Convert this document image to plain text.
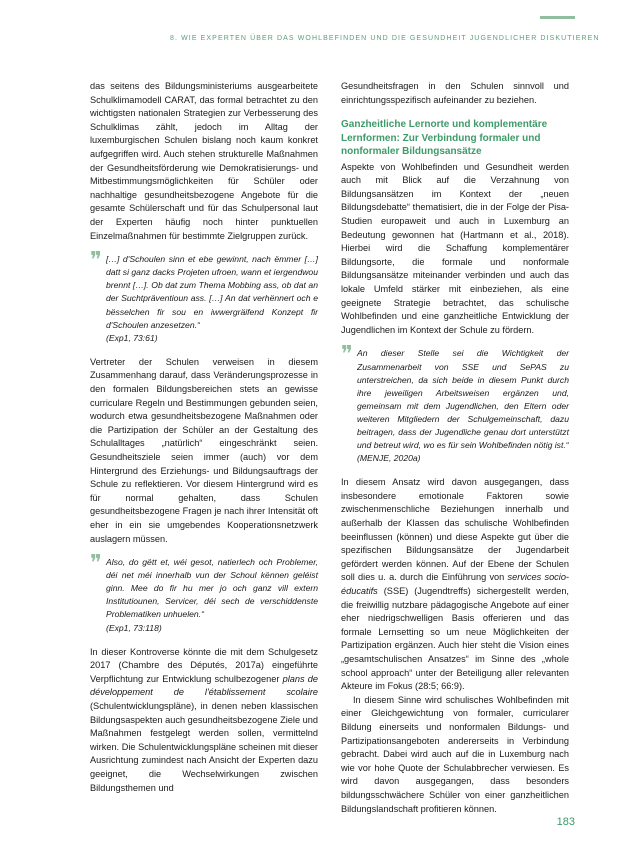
8. WIE EXPERTEN ÜBER DAS WOHLBEFINDEN UND DIE GESUNDHEIT JUGENDLICHER DISKUTIEREN

das seitens des Bildungsministeriums ausgearbeitete Schulklimamodell CARAT, das formal betrachtet zu den wichtigsten nationalen Strategien zur Verbesserung des Schulklimas zählt, jedoch im Alltag der luxemburgischen Schulen bislang noch kaum konkret aufgegriffen wird. Auch stehen strukturelle Maßnahmen der Gesundheitsförderung wie Demokratisierungs- und Mitbestimmungsmöglichkeiten für Schüler oder nachhaltige gesundheitsbezogene Angebote für die gesamte Schülerschaft und für das Schulpersonal laut der Experten häufig noch hinter punktuellen Einzelmaßnahmen für bestimmte Zielgruppen zurück.

❞ […] d'Schoulen sinn et ebe gewinnt, nach ëmmer […] datt si ganz dacks Projeten ufroen, wann et iergendwou brennt […]. Ob dat zum Thema Mobbing ass, ob dat an der Suchtpräventioun ass. […] An dat verhënnert och e bësselchen fir sou en iwwergräifend Konzept fir d'Schoulen anzesetzen.“
(Exp1, 73:61)

Vertreter der Schulen verweisen in diesem Zusammenhang darauf, dass Veränderungsprozesse in den formalen Bildungsbereichen stets an gewisse curriculare Regeln und Bestimmungen gebunden seien, wodurch etwa gesundheitsbezogene Maßnahmen oder die Partizipation der Schüler an der Gestaltung des Schulalltages „natürlich“ eingeschränkt seien. Gesundheitsziele seien immer (auch) vor dem Hintergrund des Erziehungs- und Bildungsauftrags der Schule zu reflektieren. Vor diesem Hintergrund wird es für normal gehalten, dass Schulen gesundheitsbezogene Fragen je nach ihrer Intensität oft eher in ein sie umgebendes Kooperationsnetzwerk auslagern müssen.

❞ Also, do gëtt et, wéi gesot, natierlech och Problemer, déi net méi innerhalb vun der Schoul kënnen geléist ginn. Mee do fir hu mer jo och ganz vill extern Institutiounen, Servicer, déi sech de verschiddenste Problematiken unhuelen.“
(Exp1, 73:118)

In dieser Kontroverse könnte die mit dem Schulgesetz 2017 (Chambre des Députés, 2017a) eingeführte Verpflichtung zur Entwicklung schulbezogener plans de développement de l'établissement scolaire (Schulentwicklungspläne), in denen neben klassischen Bildungsaspekten auch gesundheitsbezogene Ziele und Maßnahmen festgelegt werden sollen, vermittelnd wirken. Die Schulentwicklungspläne scheinen mit dieser Ausrichtung zumindest nach Ansicht der Experten dazu geeignet, die Wechselwirkungen zwischen Bildungsthemen und

Gesundheitsfragen in den Schulen sinnvoll und einrichtungsspezifisch aufeinander zu beziehen.

Ganzheitliche Lernorte und komplementäre Lernformen: Zur Verbindung formaler und nonformaler Bildungsansätze

Aspekte von Wohlbefinden und Gesundheit werden auch mit Blick auf die Verzahnung von Bildungsansätzen im Kontext der „neuen Bildungsdebatte“ thematisiert, die in der Folge der Pisa-Studien europaweit und auch in Luxemburg an Bedeutung gewonnen hat (Hartmann et al., 2018). Hierbei wird die Schaffung komplementärer Bildungsorte, die formale und nonformale Bildungsansätze miteinander verbinden und auch das lokale Umfeld stärker mit einbeziehen, als eine geeignete Strategie betrachtet, das schulische Wohlbefinden und eine ganzheitliche Entwicklung der Jugendlichen im Kontext der Schule zu fördern.

❞ An dieser Stelle sei die Wichtigkeit der Zusammenarbeit von SSE und SePAS zu unterstreichen, da sich beide in diesem Punkt durch ihre jeweiligen Arbeitsweisen ergänzen und, gemeinsam mit dem Jugendlichen, den Eltern oder weiteren Mitgliedern der Schulgemeinschaft, dazu beitragen, dass der Jugendliche genau dort unterstützt und betreut wird, wo es für sein Wohlbefinden nötig ist.“
(MENJE, 2020a)

In diesem Ansatz wird davon ausgegangen, dass insbesondere emotionale Faktoren sowie zwischenmenschliche Beziehungen innerhalb und außerhalb der Klassen das schulische Wohlbefinden beeinflussen (können) und diese Aspekte gut über die spezifischen Bildungsansätze der Jugendarbeit gefördert werden können. Auf der Ebene der Schulen soll dies u. a. durch die Einführung von services socio-éducatifs (SSE) (Jugendtreffs) sichergestellt werden, die freiwillig nutzbare pädagogische Angebote auf einer eher niedrigschwelligen Basis offerieren und das formale Lernsetting so um neue Möglichkeiten der Partizipation ergänzen. Auch hier steht die Vision eines „gesamtschulischen Ansatzes“ im Sinne des „whole school approach“ unter der Beteiligung aller relevanten Akteure im Fokus (28:5; 66:9).

In diesem Sinne wird schulisches Wohlbefinden mit einer Gleichgewichtung von formaler, curricularer Bildung einerseits und nonformalen Bildungs- und Partizipationsangeboten andererseits in Verbindung gebracht. Dabei wird auch auf die in Luxemburg nach wie vor hohe Quote der Schulabbrecher verwiesen. Es wird davon ausgegangen, dass besonders bildungsschwächere Schüler von einer ganzheitlichen Bildungslandschaft profitieren können.

183
